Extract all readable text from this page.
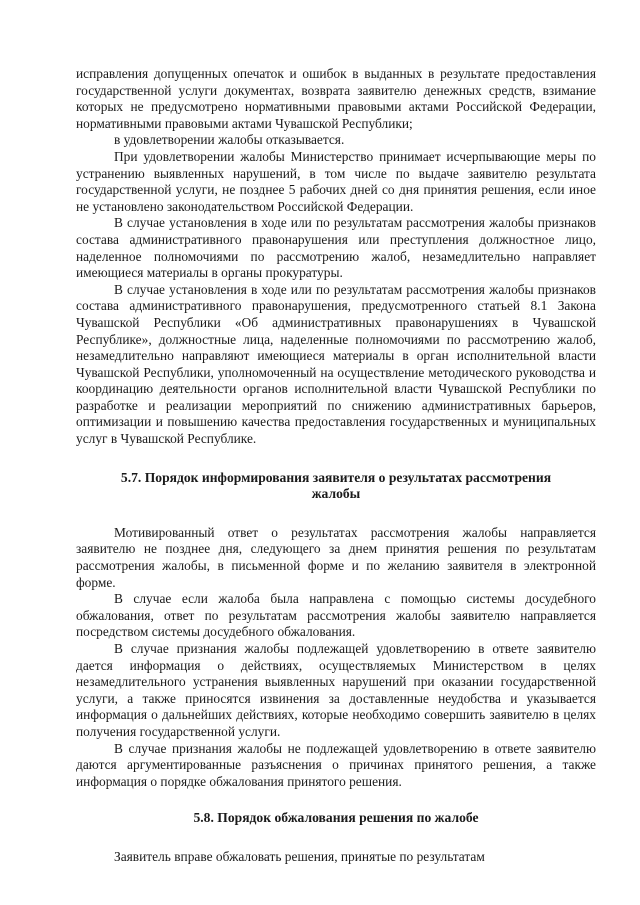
исправления допущенных опечаток и ошибок в выданных в результате предоставления государственной услуги документах, возврата заявителю денежных средств, взимание которых не предусмотрено нормативными правовыми актами Российской Федерации, нормативными правовыми актами Чувашской Республики;

в удовлетворении жалобы отказывается.

При удовлетворении жалобы Министерство принимает исчерпывающие меры по устранению выявленных нарушений, в том числе по выдаче заявителю результата государственной услуги, не позднее 5 рабочих дней со дня принятия решения, если иное не установлено законодательством Российской Федерации.

В случае установления в ходе или по результатам рассмотрения жалобы признаков состава административного правонарушения или преступления должностное лицо, наделенное полномочиями по рассмотрению жалоб, незамедлительно направляет имеющиеся материалы в органы прокуратуры.

В случае установления в ходе или по результатам рассмотрения жалобы признаков состава административного правонарушения, предусмотренного статьей 8.1 Закона Чувашской Республики «Об административных правонарушениях в Чувашской Республике», должностные лица, наделенные полномочиями по рассмотрению жалоб, незамедлительно направляют имеющиеся материалы в орган исполнительной власти Чувашской Республики, уполномоченный на осуществление методического руководства и координацию деятельности органов исполнительной власти Чувашской Республики по разработке и реализации мероприятий по снижению административных барьеров, оптимизации и повышению качества предоставления государственных и муниципальных услуг в Чувашской Республике.

5.7. Порядок информирования заявителя о результатах рассмотрения
жалобы

Мотивированный ответ о результатах рассмотрения жалобы направляется заявителю не позднее дня, следующего за днем принятия решения по результатам рассмотрения жалобы, в письменной форме и по желанию заявителя в электронной форме.

В случае если жалоба была направлена с помощью системы досудебного обжалования, ответ по результатам рассмотрения жалобы заявителю направляется посредством системы досудебного обжалования.

В случае признания жалобы подлежащей удовлетворению в ответе заявителю дается информация о действиях, осуществляемых Министерством в целях незамедлительного устранения выявленных нарушений при оказании государственной услуги, а также приносятся извинения за доставленные неудобства и указывается информация о дальнейших действиях, которые необходимо совершить заявителю в целях получения государственной услуги.

В случае признания жалобы не подлежащей удовлетворению в ответе заявителю даются аргументированные разъяснения о причинах принятого решения, а также информация о порядке обжалования принятого решения.

5.8. Порядок обжалования решения по жалобе

Заявитель вправе обжаловать решения, принятые по результатам
